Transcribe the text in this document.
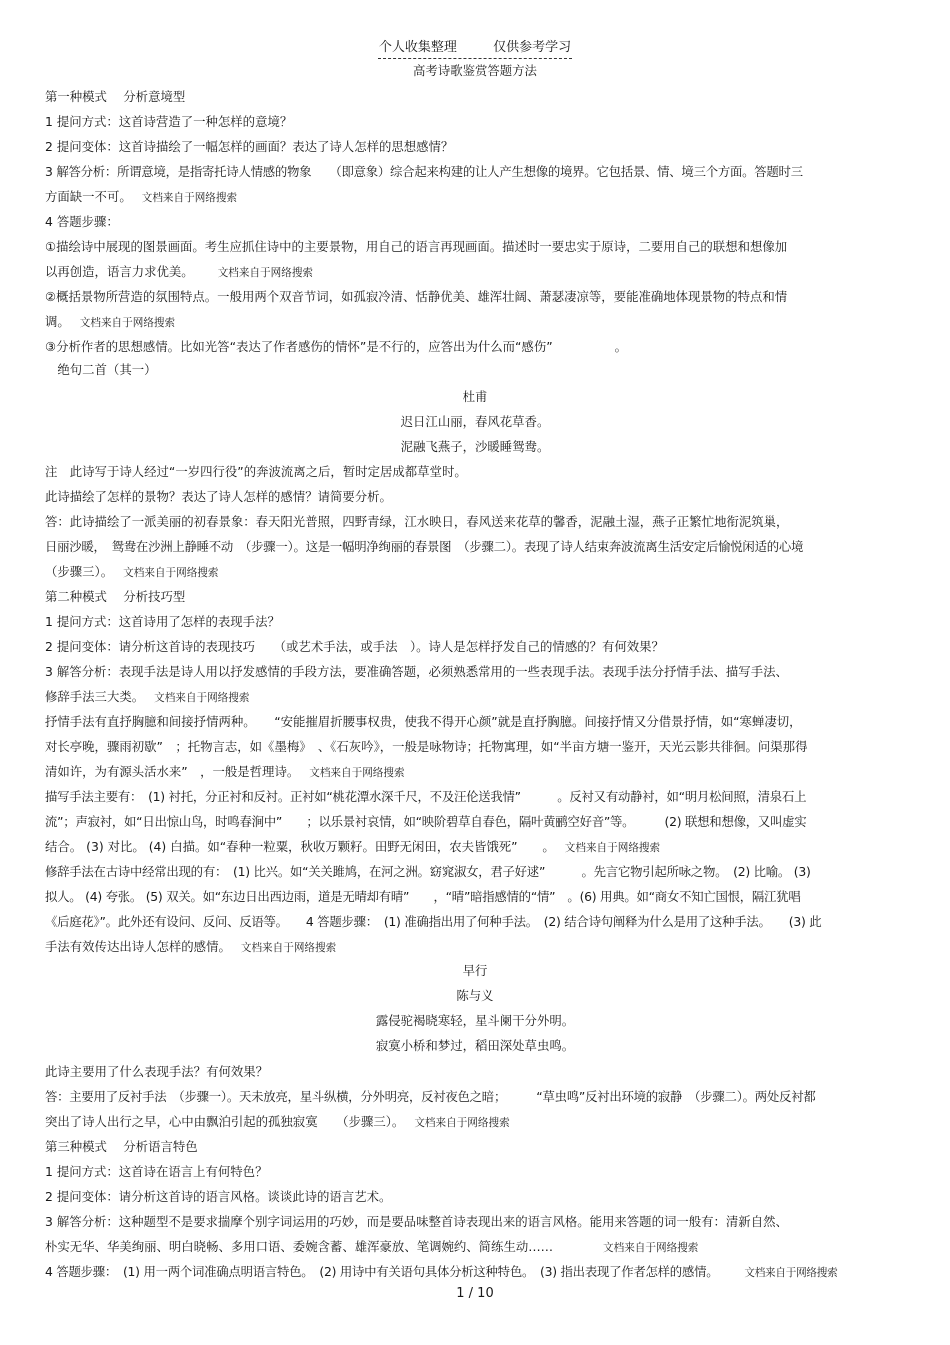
个人收集整理	仅供参考学习
高考诗歌鉴赏答题方法
第一种模式　 分析意境型
1 提问方式：这首诗营造了一种怎样的意境？
2 提问变体：这首诗描绘了一幅怎样的画面？表达了诗人怎样的思想感情？
3 解答分析：所谓意境，是指寄托诗人情感的物象　　（即意象）综合起来构建的让人产生想像的境界。它包括景、情、境三个方面。答题时三
方面缺一不可。 文档来自于网络搜索
4 答题步骤：
①描绘诗中展现的图景画面。考生应抓住诗中的主要景物，用自己的语言再现画面。描述时一要忠实于原诗，二要用自己的联想和想像加
以再创造，语言力求优美。 文档来自于网络搜索
②概括景物所营造的氛围特点。一般用两个双音节词，如孤寂冷清、恬静优美、雄浑壮阔、萧瑟凄凉等，要能准确地体现景物的特点和情
调。 文档来自于网络搜索
③分析作者的思想感情。比如光答“表达了作者感伤的情怀”是不行的，应答出为什么而“感伤”　　　　　。
　绝句二首（其一）
杜甫
迟日江山丽，春风花草香。
泥融飞燕子，沙暖睡鸳鸯。
注　此诗写于诗人经过“一岁四行役”的奔波流离之后，暂时定居成都草堂时。
此诗描绘了怎样的景物？表达了诗人怎样的感情？请简要分析。
答：此诗描绘了一派美丽的初春景象：春天阳光普照，四野青绿，江水映日，春风送来花草的馨香，泥融土湿，燕子正繁忙地衔泥筑巢，
日丽沙暖，　鸳鸯在沙洲上静睡不动　（步骤一）。这是一幅明净绚丽的春景图　（步骤二）。表现了诗人结束奔波流离生活安定后愉悦闲适的心境
（步骤三）。 文档来自于网络搜索
第二种模式　 分析技巧型
1 提问方式：这首诗用了怎样的表现手法？
2 提问变体：请分析这首诗的表现技巧　　（或艺术手法，或手法　）。诗人是怎样抒发自己的情感的？有何效果？
3 解答分析：表现手法是诗人用以抒发感情的手段方法，要准确答题，必须熟悉常用的一些表现手法。表现手法分抒情手法、描写手法、
修辞手法三大类。 文档来自于网络搜索
抒情手法有直抒胸臆和间接抒情两种。　　“安能摧眉折腰事权贵，使我不得开心颜”就是直抒胸臆。间接抒情又分借景抒情，如“寒蝉凄切，
对长亭晚，骤雨初歇”　；托物言志，如《墨梅》　、《石灰吟》，一般是咏物诗；托物寓理，如“半亩方塘一鉴开，天光云影共徘徊。问渠那得
清如许，为有源头活水来”　，一般是哲理诗。 文档来自于网络搜索
描写手法主要有：　(1) 衬托，分正衬和反衬。正衬如“桃花潭水深千尺，不及汪伦送我情”　　　。反衬又有动静衬，如“明月松间照，清泉石上
流”；声寂衬，如“日出惊山鸟，时鸣春涧中”　　；以乐景衬哀情，如“映阶碧草自春色，隔叶黄鹂空好音”等。　　　(2) 联想和想像，又叫虚实
结合。 (3) 对比。 (4) 白描。如“春种一粒粟，秋收万颗籽。田野无闲田，农夫皆饿死”　　。 文档来自于网络搜索
修辞手法在古诗中经常出现的有：　(1) 比兴。如“关关雎鸠，在河之洲。窈窕淑女，君子好逑”　　　。先言它物引起所咏之物。　(2) 比喻。 (3)
拟人。 (4) 夸张。 (5) 双关。如“东边日出西边雨，道是无晴却有晴”　　，“晴”暗指感情的“情”　。(6) 用典。如“商女不知亡国恨，隔江犹唱
《后庭花》”。此外还有设问、反问、反语等。　　4 答题步骤：　(1) 准确指出用了何种手法。　(2) 结合诗句阐释为什么是用了这种手法。　　(3) 此
手法有效传达出诗人怎样的感情。 文档来自于网络搜索
早行
陈与义
露侵驼褐晓寒轻，星斗阑干分外明。
寂寞小桥和梦过，稻田深处草虫鸣。
此诗主要用了什么表现手法？有何效果？
答：主要用了反衬手法　（步骤一）。天未放亮，星斗纵横，分外明亮，反衬夜色之暗；　　　“草虫鸣”反衬出环境的寂静　（步骤二）。两处反衬都
突出了诗人出行之早，心中由飘泊引起的孤独寂寞　　（步骤三）。 文档来自于网络搜索
第三种模式　 分析语言特色
1 提问方式：这首诗在语言上有何特色？
2 提问变体：请分析这首诗的语言风格。谈谈此诗的语言艺术。
3 解答分析：这种题型不是要求揣摩个别字词运用的巧妙，而是要品味整首诗表现出来的语言风格。能用来答题的词一般有：清新自然、
朴实无华、华美绚丽、明白晓畅、多用口语、委婉含蓄、雄浑豪放、笔调婉约、简练生动……	文档来自于网络搜索
4 答题步骤：　(1) 用一两个词准确点明语言特色。　(2) 用诗中有关语句具体分析这种特色。　(3) 指出表现了作者怎样的感情。 文档来自于网络搜索
1 / 10
